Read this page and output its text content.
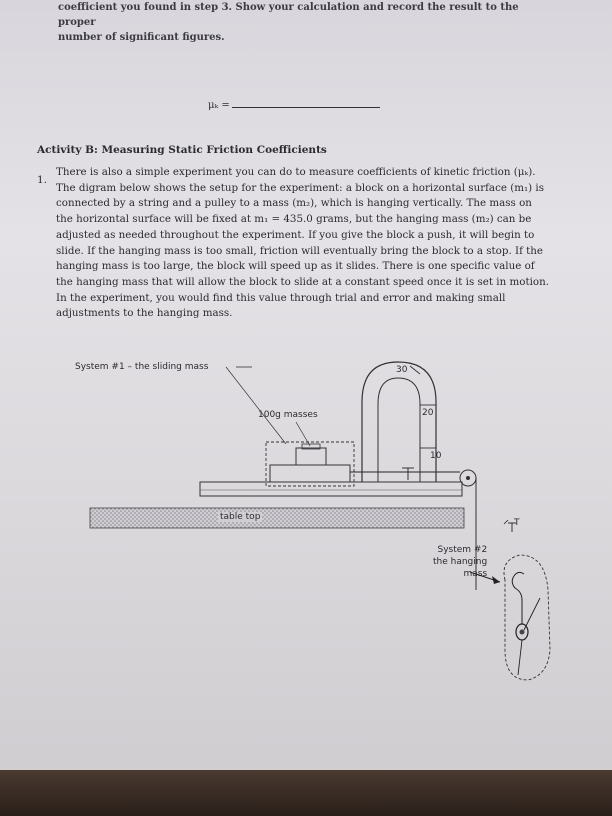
coefficient you found in step 3. Show your calculation and record the result to the proper
number of significant figures.
μₖ =
Activity B: Measuring Static Friction Coefficients
1.
There is also a simple experiment you can do to measure coefficients of kinetic friction (μₖ).
The digram below shows the setup for the experiment: a block on a horizontal surface (m₁) is
connected by a string and a pulley to a mass (m₂), which is hanging vertically. The mass on
the horizontal surface will be fixed at m₁ = 435.0 grams, but the hanging mass (m₂) can be
adjusted as needed throughout the experiment. If you give the block a push, it will begin to
slide. If the hanging mass is too small, friction will eventually bring the block to a stop. If the
hanging mass is too large, the block will speed up as it slides. There is one specific value of
the hanging mass that will allow the block to slide at a constant speed once it is set in motion.
In the experiment, you would find this value through trial and error and making small
adjustments to the hanging mass.
System #1 – the sliding mass
100g masses
table top
30
20
10
T
System #2
the hanging
mass
